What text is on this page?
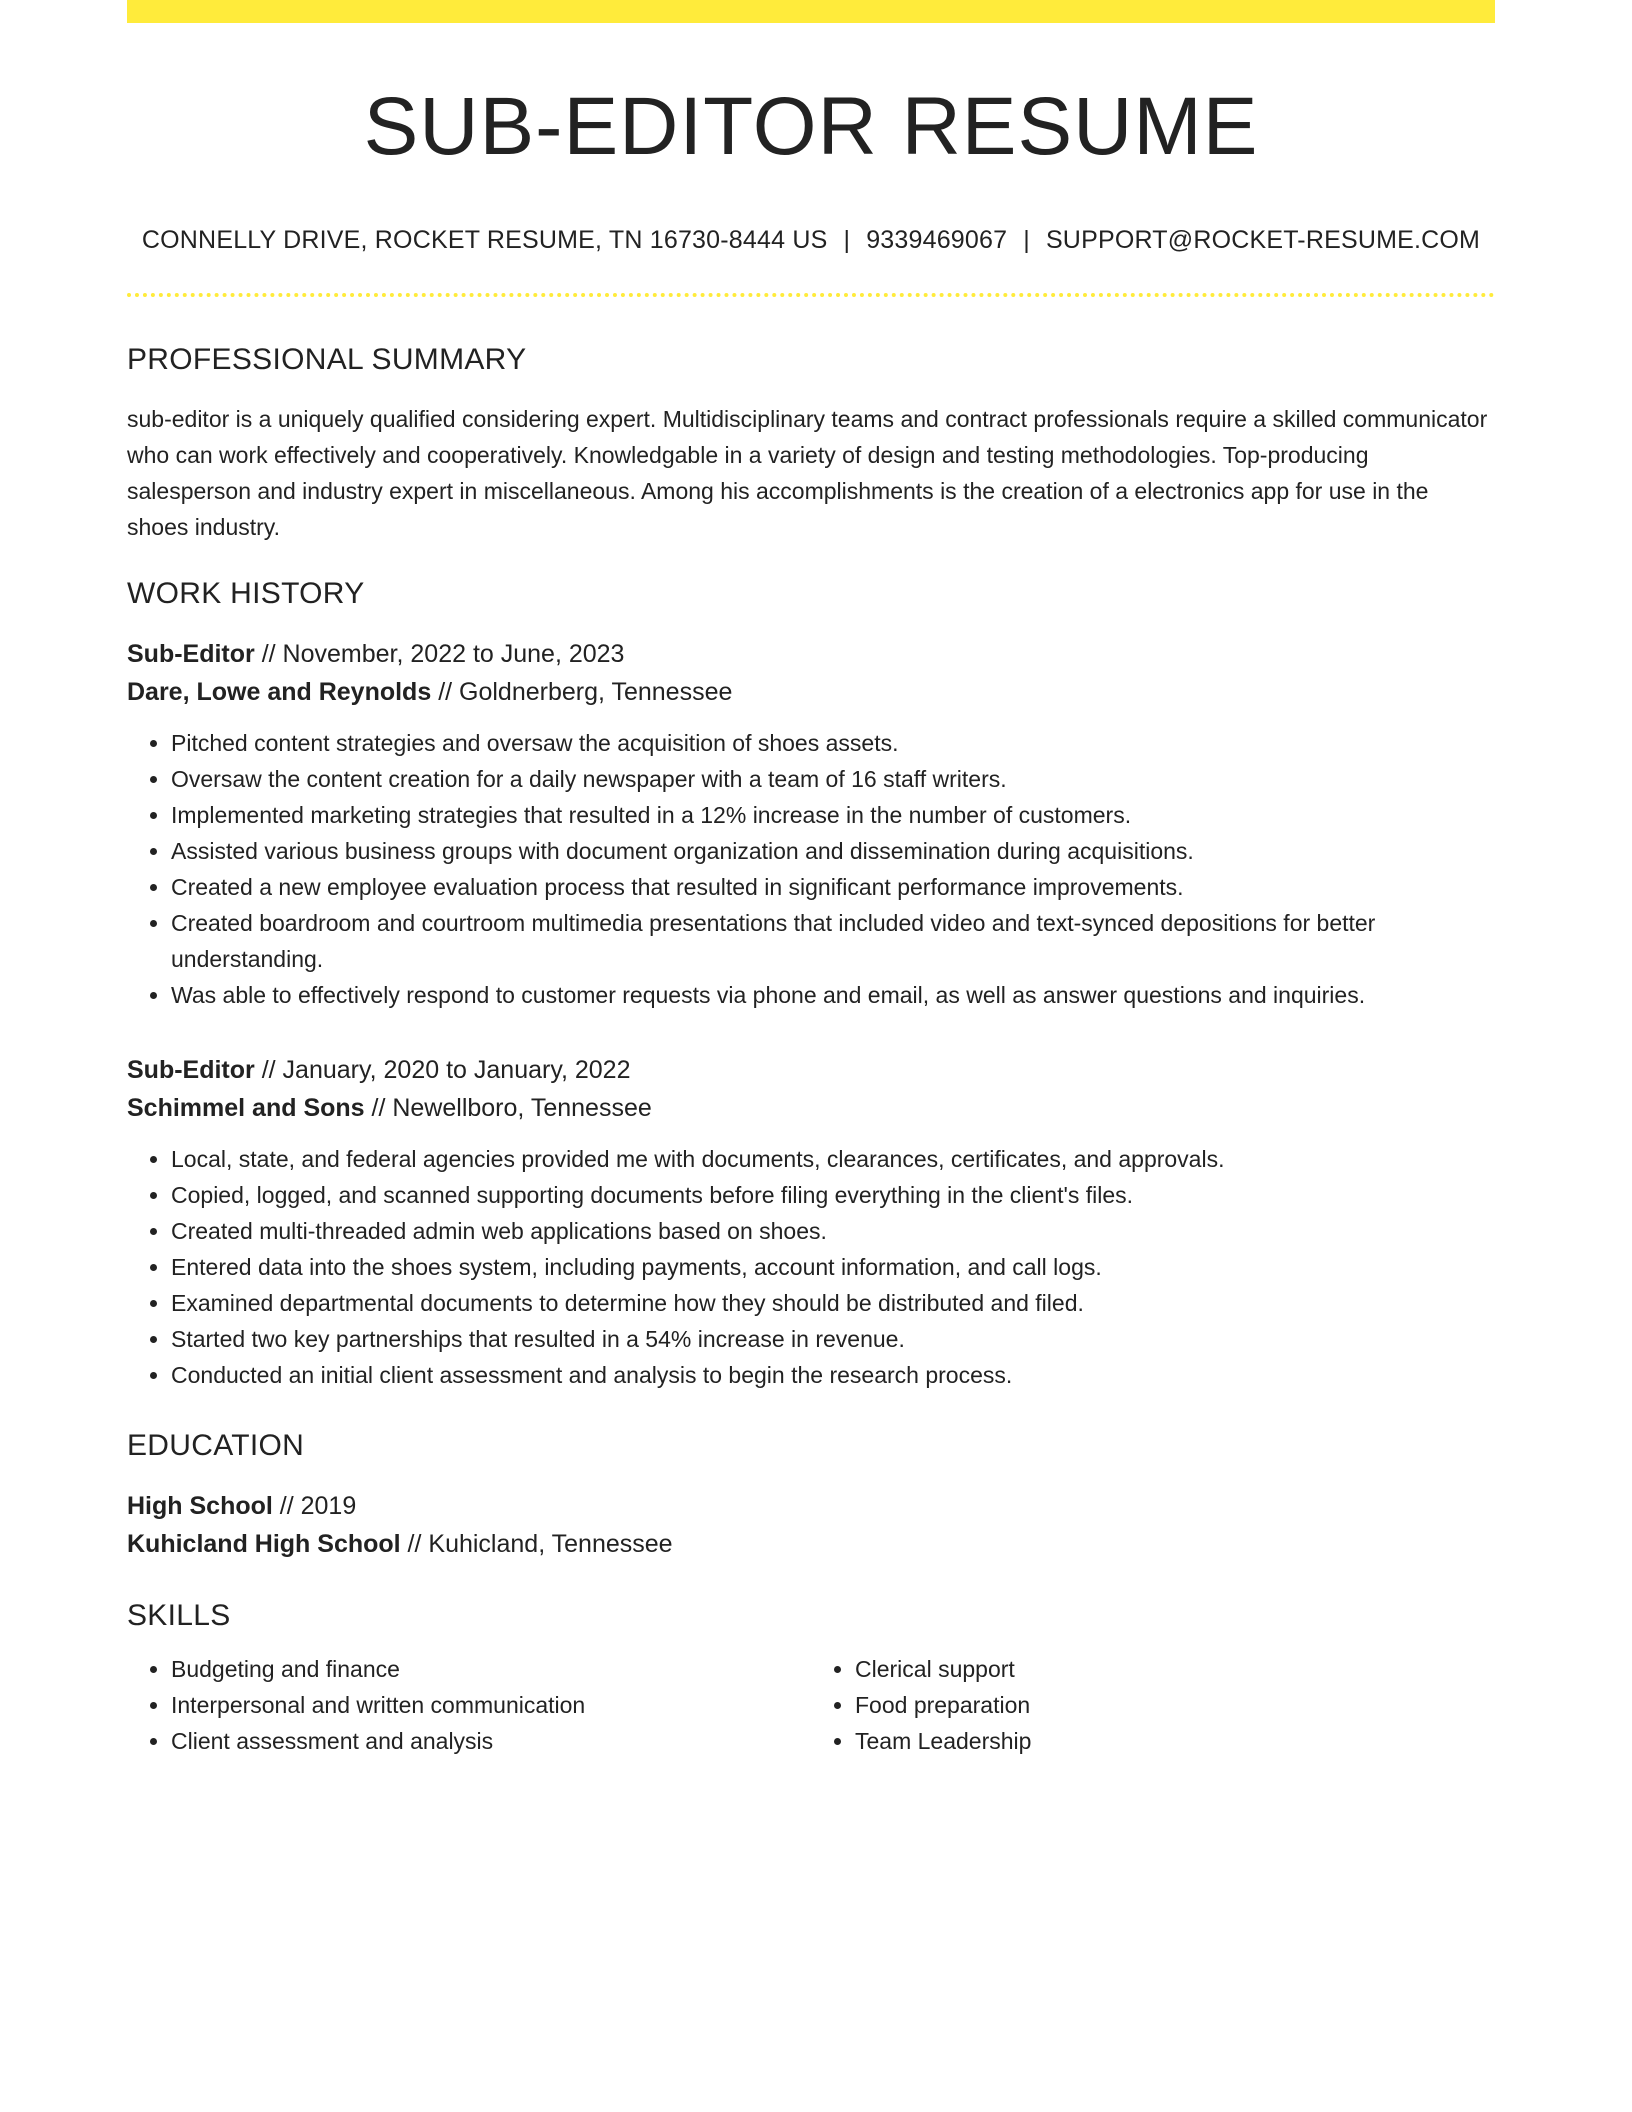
SUB-EDITOR RESUME
CONNELLY DRIVE, ROCKET RESUME, TN 16730-8444 US | 9339469067 | SUPPORT@ROCKET-RESUME.COM
PROFESSIONAL SUMMARY

sub-editor is a uniquely qualified considering expert. Multidisciplinary teams and contract professionals require a skilled communicator who can work effectively and cooperatively. Knowledgable in a variety of design and testing methodologies. Top-producing salesperson and industry expert in miscellaneous. Among his accomplishments is the creation of a electronics app for use in the shoes industry.

WORK HISTORY
Sub-Editor // November, 2022 to June, 2023
Dare, Lowe and Reynolds // Goldnerberg, Tennessee
• Pitched content strategies and oversaw the acquisition of shoes assets.
• Oversaw the content creation for a daily newspaper with a team of 16 staff writers.
• Implemented marketing strategies that resulted in a 12% increase in the number of customers.
• Assisted various business groups with document organization and dissemination during acquisitions.
• Created a new employee evaluation process that resulted in significant performance improvements.
• Created boardroom and courtroom multimedia presentations that included video and text-synced depositions for better understanding.
• Was able to effectively respond to customer requests via phone and email, as well as answer questions and inquiries.
Sub-Editor // January, 2020 to January, 2022
Schimmel and Sons // Newellboro, Tennessee
• Local, state, and federal agencies provided me with documents, clearances, certificates, and approvals.
• Copied, logged, and scanned supporting documents before filing everything in the client's files.
• Created multi-threaded admin web applications based on shoes.
• Entered data into the shoes system, including payments, account information, and call logs.
• Examined departmental documents to determine how they should be distributed and filed.
• Started two key partnerships that resulted in a 54% increase in revenue.
• Conducted an initial client assessment and analysis to begin the research process.
EDUCATION
High School // 2019
Kuhicland High School // Kuhicland, Tennessee
SKILLS
• Budgeting and finance
• Interpersonal and written communication
• Client assessment and analysis
• Clerical support
• Food preparation
• Team Leadership
